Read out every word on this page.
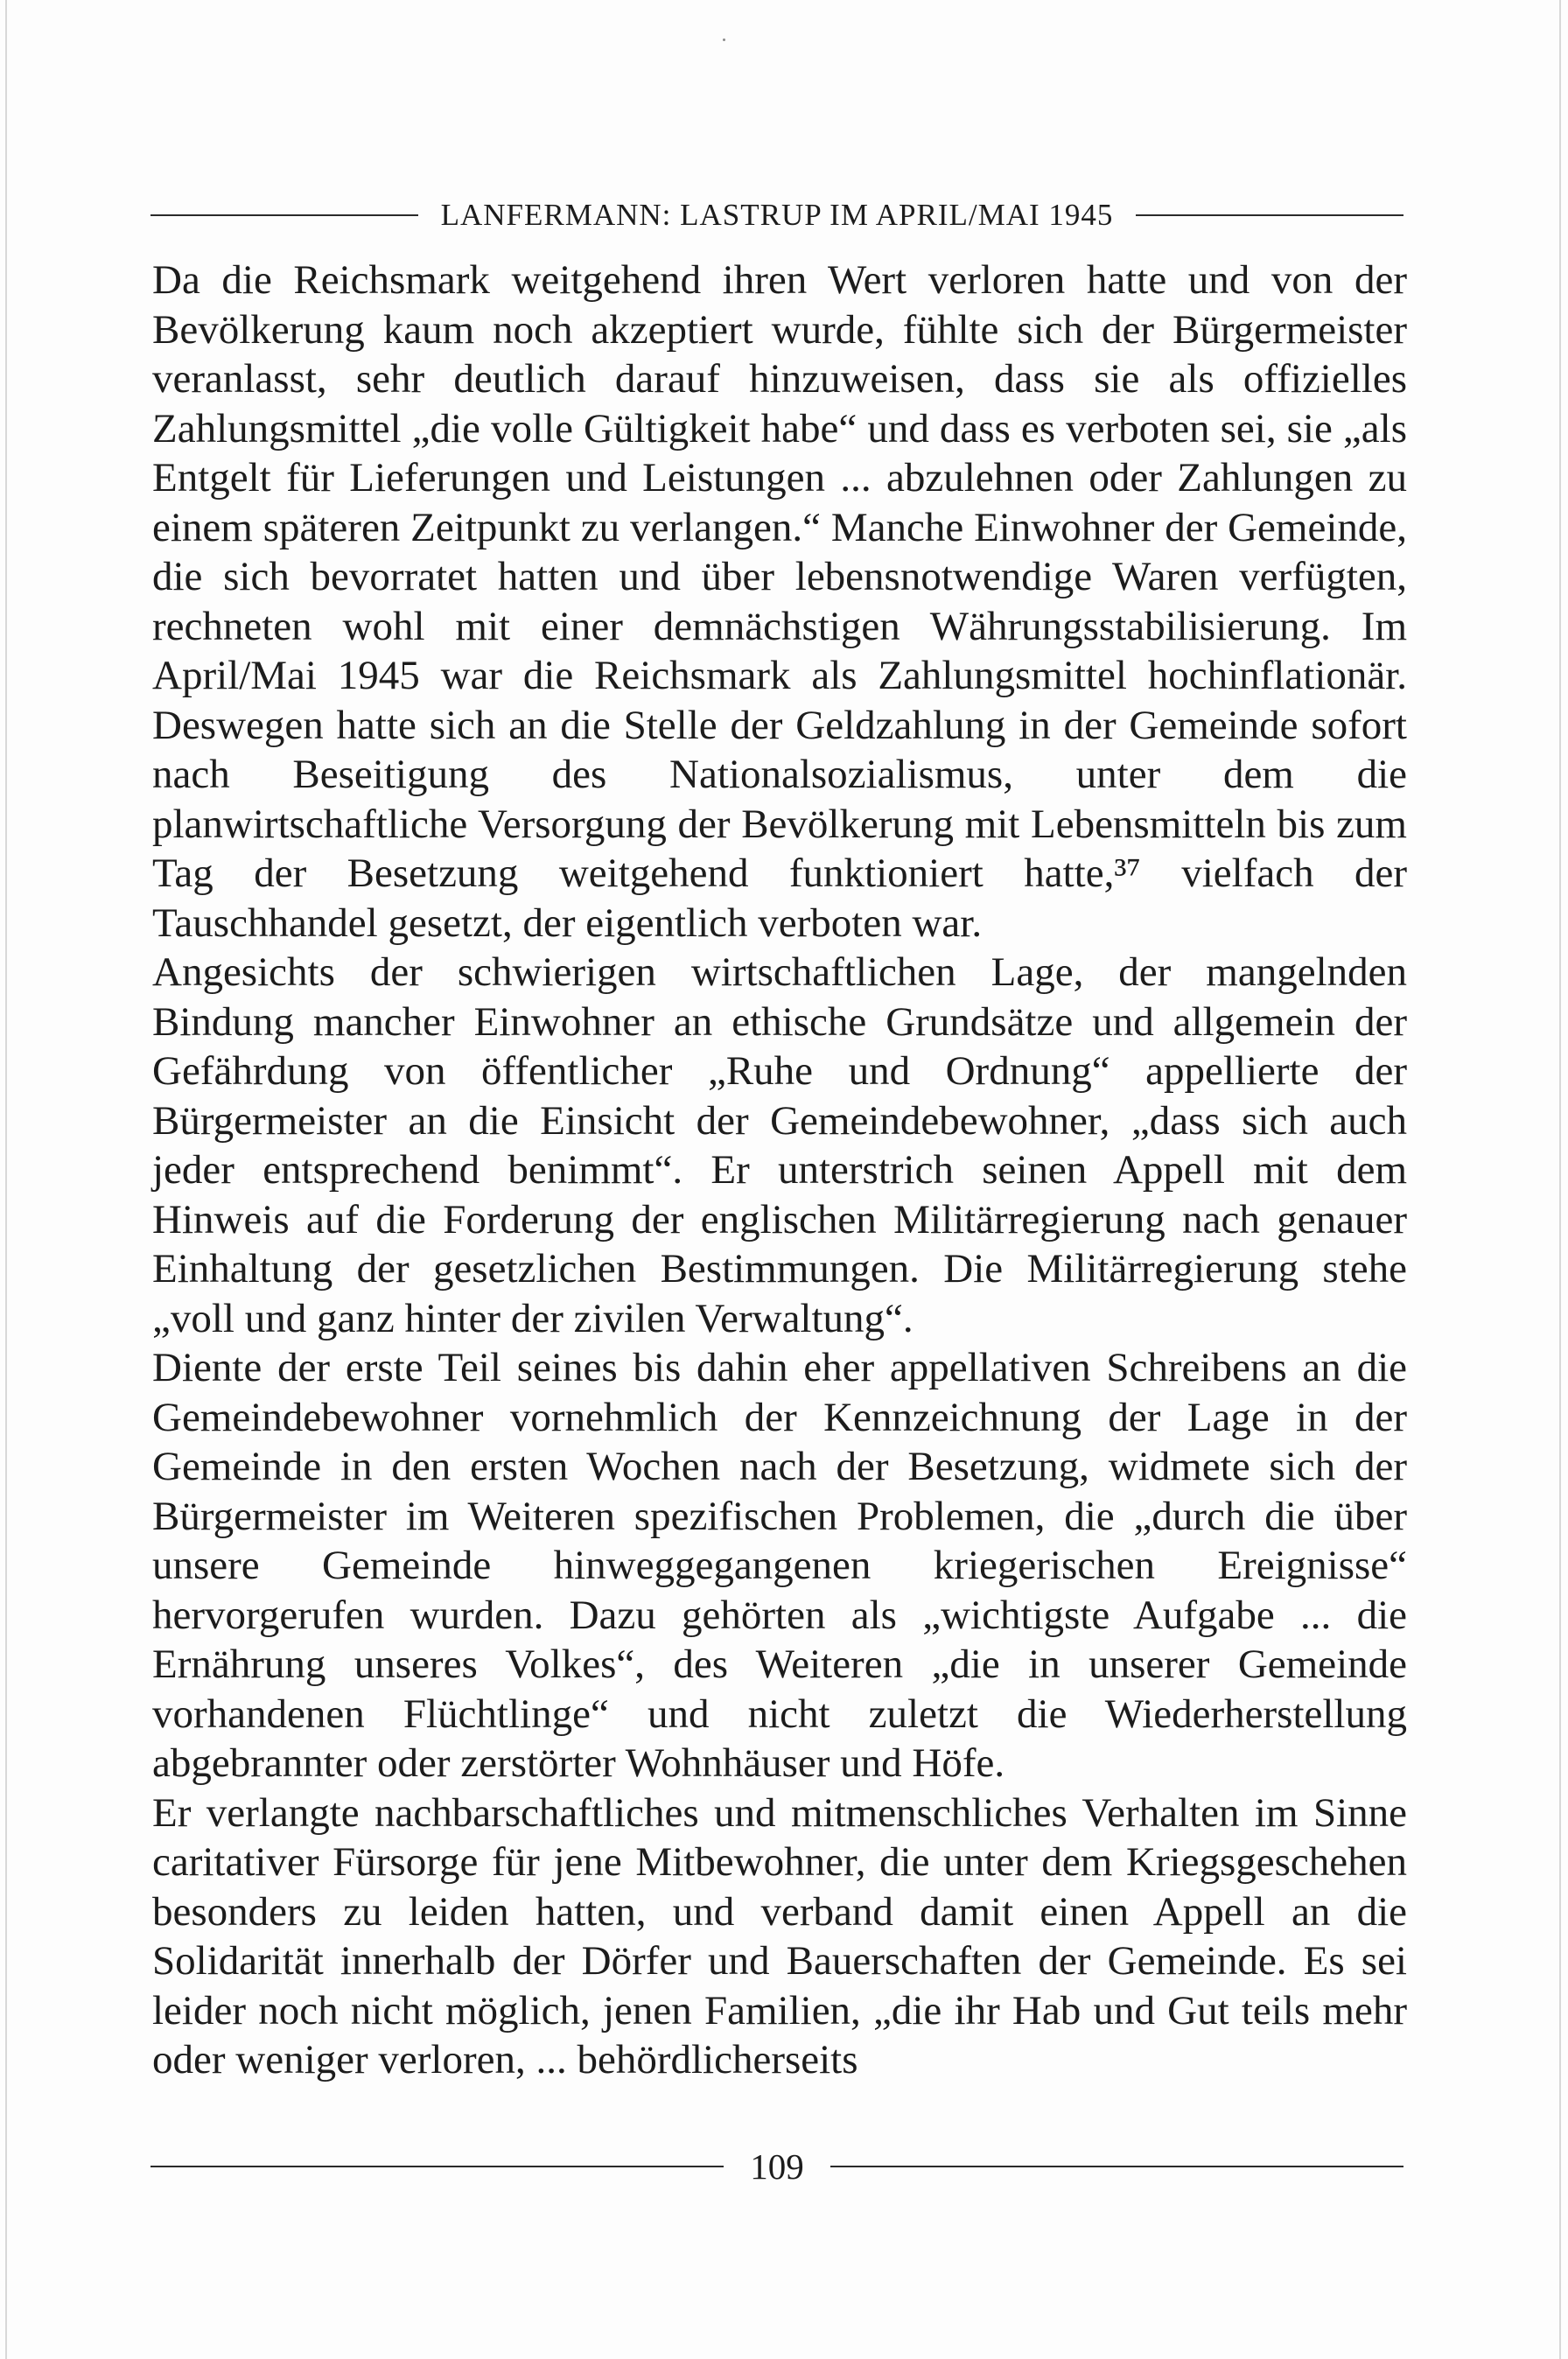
LANFERMANN: LASTRUP IM APRIL/MAI 1945

Da die Reichsmark weitgehend ihren Wert verloren hatte und von der Bevölkerung kaum noch akzeptiert wurde, fühlte sich der Bürgermeister veranlasst, sehr deutlich darauf hinzuweisen, dass sie als offizielles Zahlungsmittel „die volle Gültigkeit habe“ und dass es verboten sei, sie „als Entgelt für Lieferungen und Leistungen ... abzulehnen oder Zahlungen zu einem späteren Zeitpunkt zu verlangen.“ Manche Einwohner der Gemeinde, die sich bevorratet hatten und über lebensnotwendige Waren verfügten, rechneten wohl mit einer demnächstigen Währungsstabilisierung. Im April/Mai 1945 war die Reichsmark als Zahlungsmittel hochinflationär. Deswegen hatte sich an die Stelle der Geldzahlung in der Gemeinde sofort nach Beseitigung des Nationalsozialismus, unter dem die planwirtschaftliche Versorgung der Bevölkerung mit Lebensmitteln bis zum Tag der Besetzung weitgehend funktioniert hatte,³⁷ vielfach der Tauschhandel gesetzt, der eigentlich verboten war.

Angesichts der schwierigen wirtschaftlichen Lage, der mangelnden Bindung mancher Einwohner an ethische Grundsätze und allgemein der Gefährdung von öffentlicher „Ruhe und Ordnung“ appellierte der Bürgermeister an die Einsicht der Gemeindebewohner, „dass sich auch jeder entsprechend benimmt“. Er unterstrich seinen Appell mit dem Hinweis auf die Forderung der englischen Militärregierung nach genauer Einhaltung der gesetzlichen Bestimmungen. Die Militärregierung stehe „voll und ganz hinter der zivilen Verwaltung“.

Diente der erste Teil seines bis dahin eher appellativen Schreibens an die Gemeindebewohner vornehmlich der Kennzeichnung der Lage in der Gemeinde in den ersten Wochen nach der Besetzung, widmete sich der Bürgermeister im Weiteren spezifischen Problemen, die „durch die über unsere Gemeinde hinweggegangenen kriegerischen Ereignisse“ hervorgerufen wurden. Dazu gehörten als „wichtigste Aufgabe ... die Ernährung unseres Volkes“, des Weiteren „die in unserer Gemeinde vorhandenen Flüchtlinge“ und nicht zuletzt die Wiederherstellung abgebrannter oder zerstörter Wohnhäuser und Höfe.

Er verlangte nachbarschaftliches und mitmenschliches Verhalten im Sinne caritativer Fürsorge für jene Mitbewohner, die unter dem Kriegsgeschehen besonders zu leiden hatten, und verband damit einen Appell an die Solidarität innerhalb der Dörfer und Bauerschaften der Gemeinde. Es sei leider noch nicht möglich, jenen Familien, „die ihr Hab und Gut teils mehr oder weniger verloren, ... behördlicherseits

109
